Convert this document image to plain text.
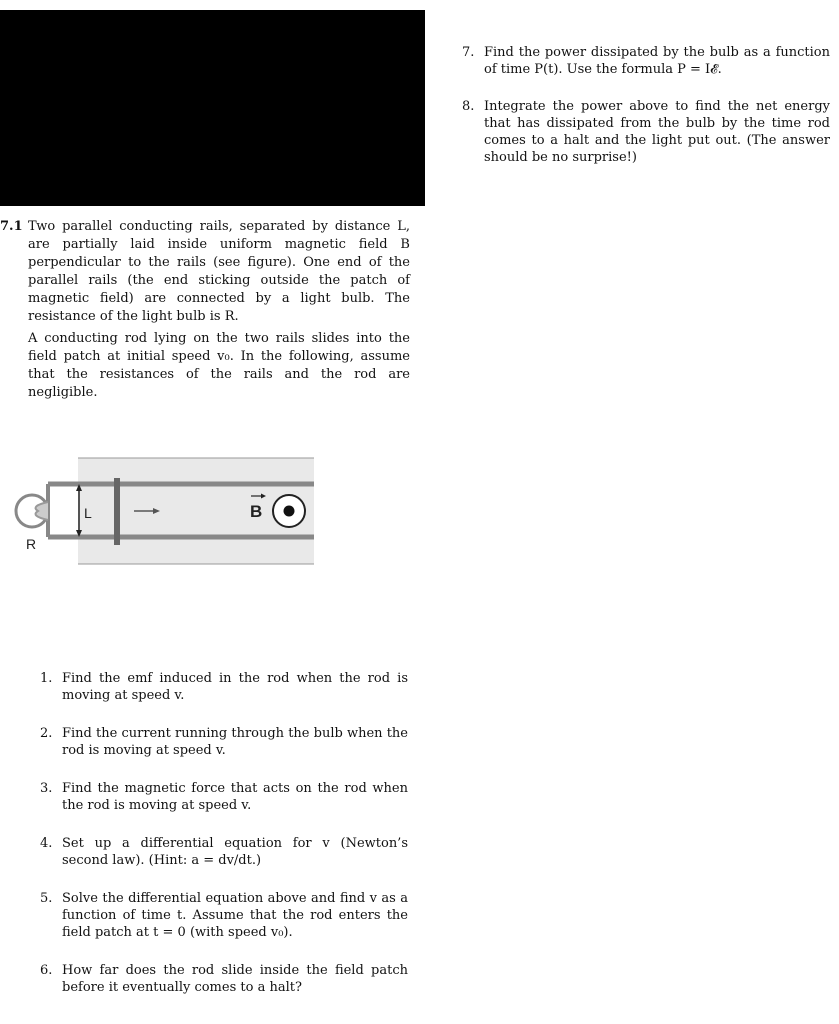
7.1 Two parallel conducting rails, separated by distance L, are partially laid inside uniform magnetic field B perpendicular to the rails (see figure). One end of the parallel rails (the end sticking outside the patch of magnetic field) are connected by a light bulb. The resistance of the light bulb is R.

A conducting rod lying on the two rails slides into the field patch at initial speed v₀. In the following, assume that the resistances of the rails and the rod are negligible.

L	B
R
1. Find the emf induced in the rod when the rod is moving at speed v.
2. Find the current running through the bulb when the rod is moving at speed v.
3. Find the magnetic force that acts on the rod when the rod is moving at speed v.
4. Set up a differential equation for v (Newton’s second law). (Hint: a = dv/dt.)
5. Solve the differential equation above and find v as a function of time t. Assume that the rod enters the field patch at t = 0 (with speed v₀).
6. How far does the rod slide inside the field patch before it eventually comes to a halt?
7. Find the power dissipated by the bulb as a function of time P(t). Use the formula P = I𝓔.
8. Integrate the power above to find the net energy that has dissipated from the bulb by the time rod comes to a halt and the light put out. (The answer should be no surprise!)
